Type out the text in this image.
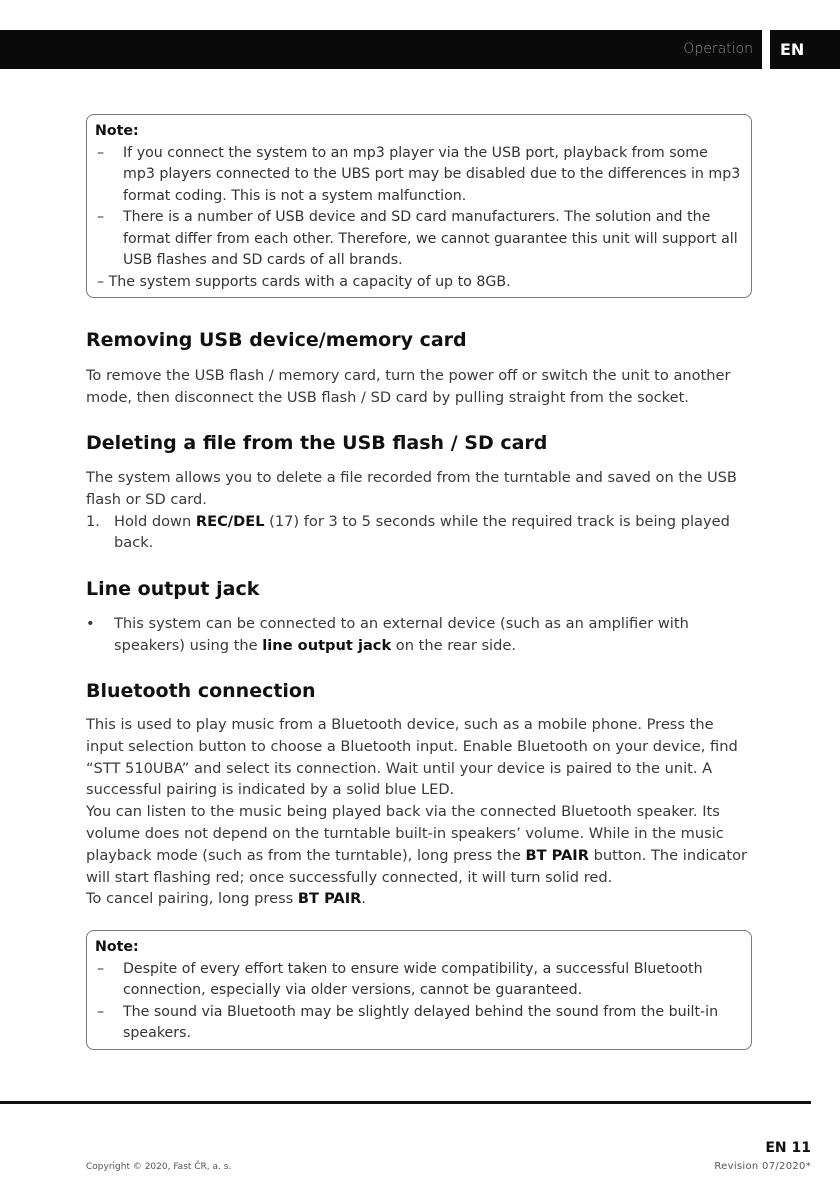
Operation	EN
Note:
– If you connect the system to an mp3 player via the USB port, playback from some mp3 players connected to the UBS port may be disabled due to the differences in mp3 format coding. This is not a system malfunction.
– There is a number of USB device and SD card manufacturers. The solution and the format differ from each other. Therefore, we cannot guarantee this unit will support all USB flashes and SD cards of all brands.
– The system supports cards with a capacity of up to 8GB.
Removing USB device/memory card
To remove the USB flash / memory card, turn the power off or switch the unit to another mode, then disconnect the USB flash / SD card by pulling straight from the socket.
Deleting a file from the USB flash / SD card
The system allows you to delete a file recorded from the turntable and saved on the USB flash or SD card.
1. Hold down REC/DEL (17) for 3 to 5 seconds while the required track is being played back.
Line output jack
• This system can be connected to an external device (such as an amplifier with speakers) using the line output jack on the rear side.
Bluetooth connection
This is used to play music from a Bluetooth device, such as a mobile phone. Press the input selection button to choose a Bluetooth input. Enable Bluetooth on your device, find “STT 510UBA” and select its connection. Wait until your device is paired to the unit. A successful pairing is indicated by a solid blue LED.
You can listen to the music being played back via the connected Bluetooth speaker. Its volume does not depend on the turntable built-in speakers’ volume. While in the music playback mode (such as from the turntable), long press the BT PAIR button. The indicator will start flashing red; once successfully connected, it will turn solid red.
To cancel pairing, long press BT PAIR.
Note:
– Despite of every effort taken to ensure wide compatibility, a successful Bluetooth connection, especially via older versions, cannot be guaranteed.
– The sound via Bluetooth may be slightly delayed behind the sound from the built-in speakers.
EN 11
Copyright © 2020, Fast ČR, a. s.	Revision 07/2020*
